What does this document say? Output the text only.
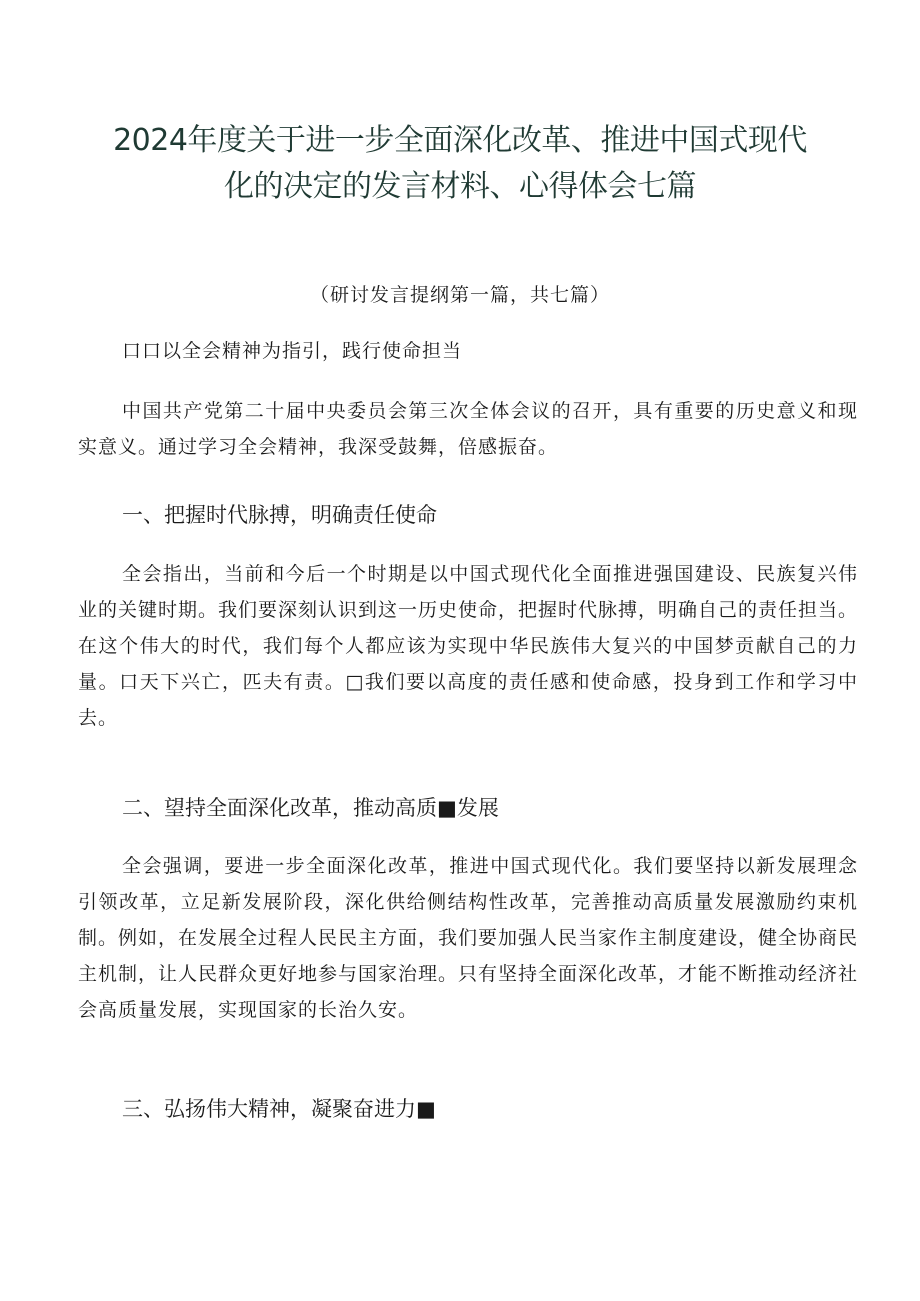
2024年度关于进一步全面深化改革、推进中国式现代
化的决定的发言材料、心得体会七篇

（研讨发言提纲第一篇，共七篇）

口口以全会精神为指引，践行使命担当

中国共产党第二十届中央委员会第三次全体会议的召开，具有重要的历史意义和现实意义。通过学习全会精神，我深受鼓舞，倍感振奋。

一、把握时代脉搏，明确责任使命

全会指出，当前和今后一个时期是以中国式现代化全面推进强国建设、民族复兴伟业的关键时期。我们要深刻认识到这一历史使命，把握时代脉搏，明确自己的责任担当。在这个伟大的时代，我们每个人都应该为实现中华民族伟大复兴的中国梦贡献自己的力量。口天下兴亡，匹夫有责。□我们要以高度的责任感和使命感，投身到工作和学习中去。

二、望持全面深化改革，推动高质■发展

全会强调，要进一步全面深化改革，推进中国式现代化。我们要坚持以新发展理念引领改革，立足新发展阶段，深化供给侧结构性改革，完善推动高质量发展激励约束机制。例如，在发展全过程人民民主方面，我们要加强人民当家作主制度建设，健全协商民主机制，让人民群众更好地参与国家治理。只有坚持全面深化改革，才能不断推动经济社会高质量发展，实现国家的长治久安。

三、弘扬伟大精神，凝聚奋进力■
